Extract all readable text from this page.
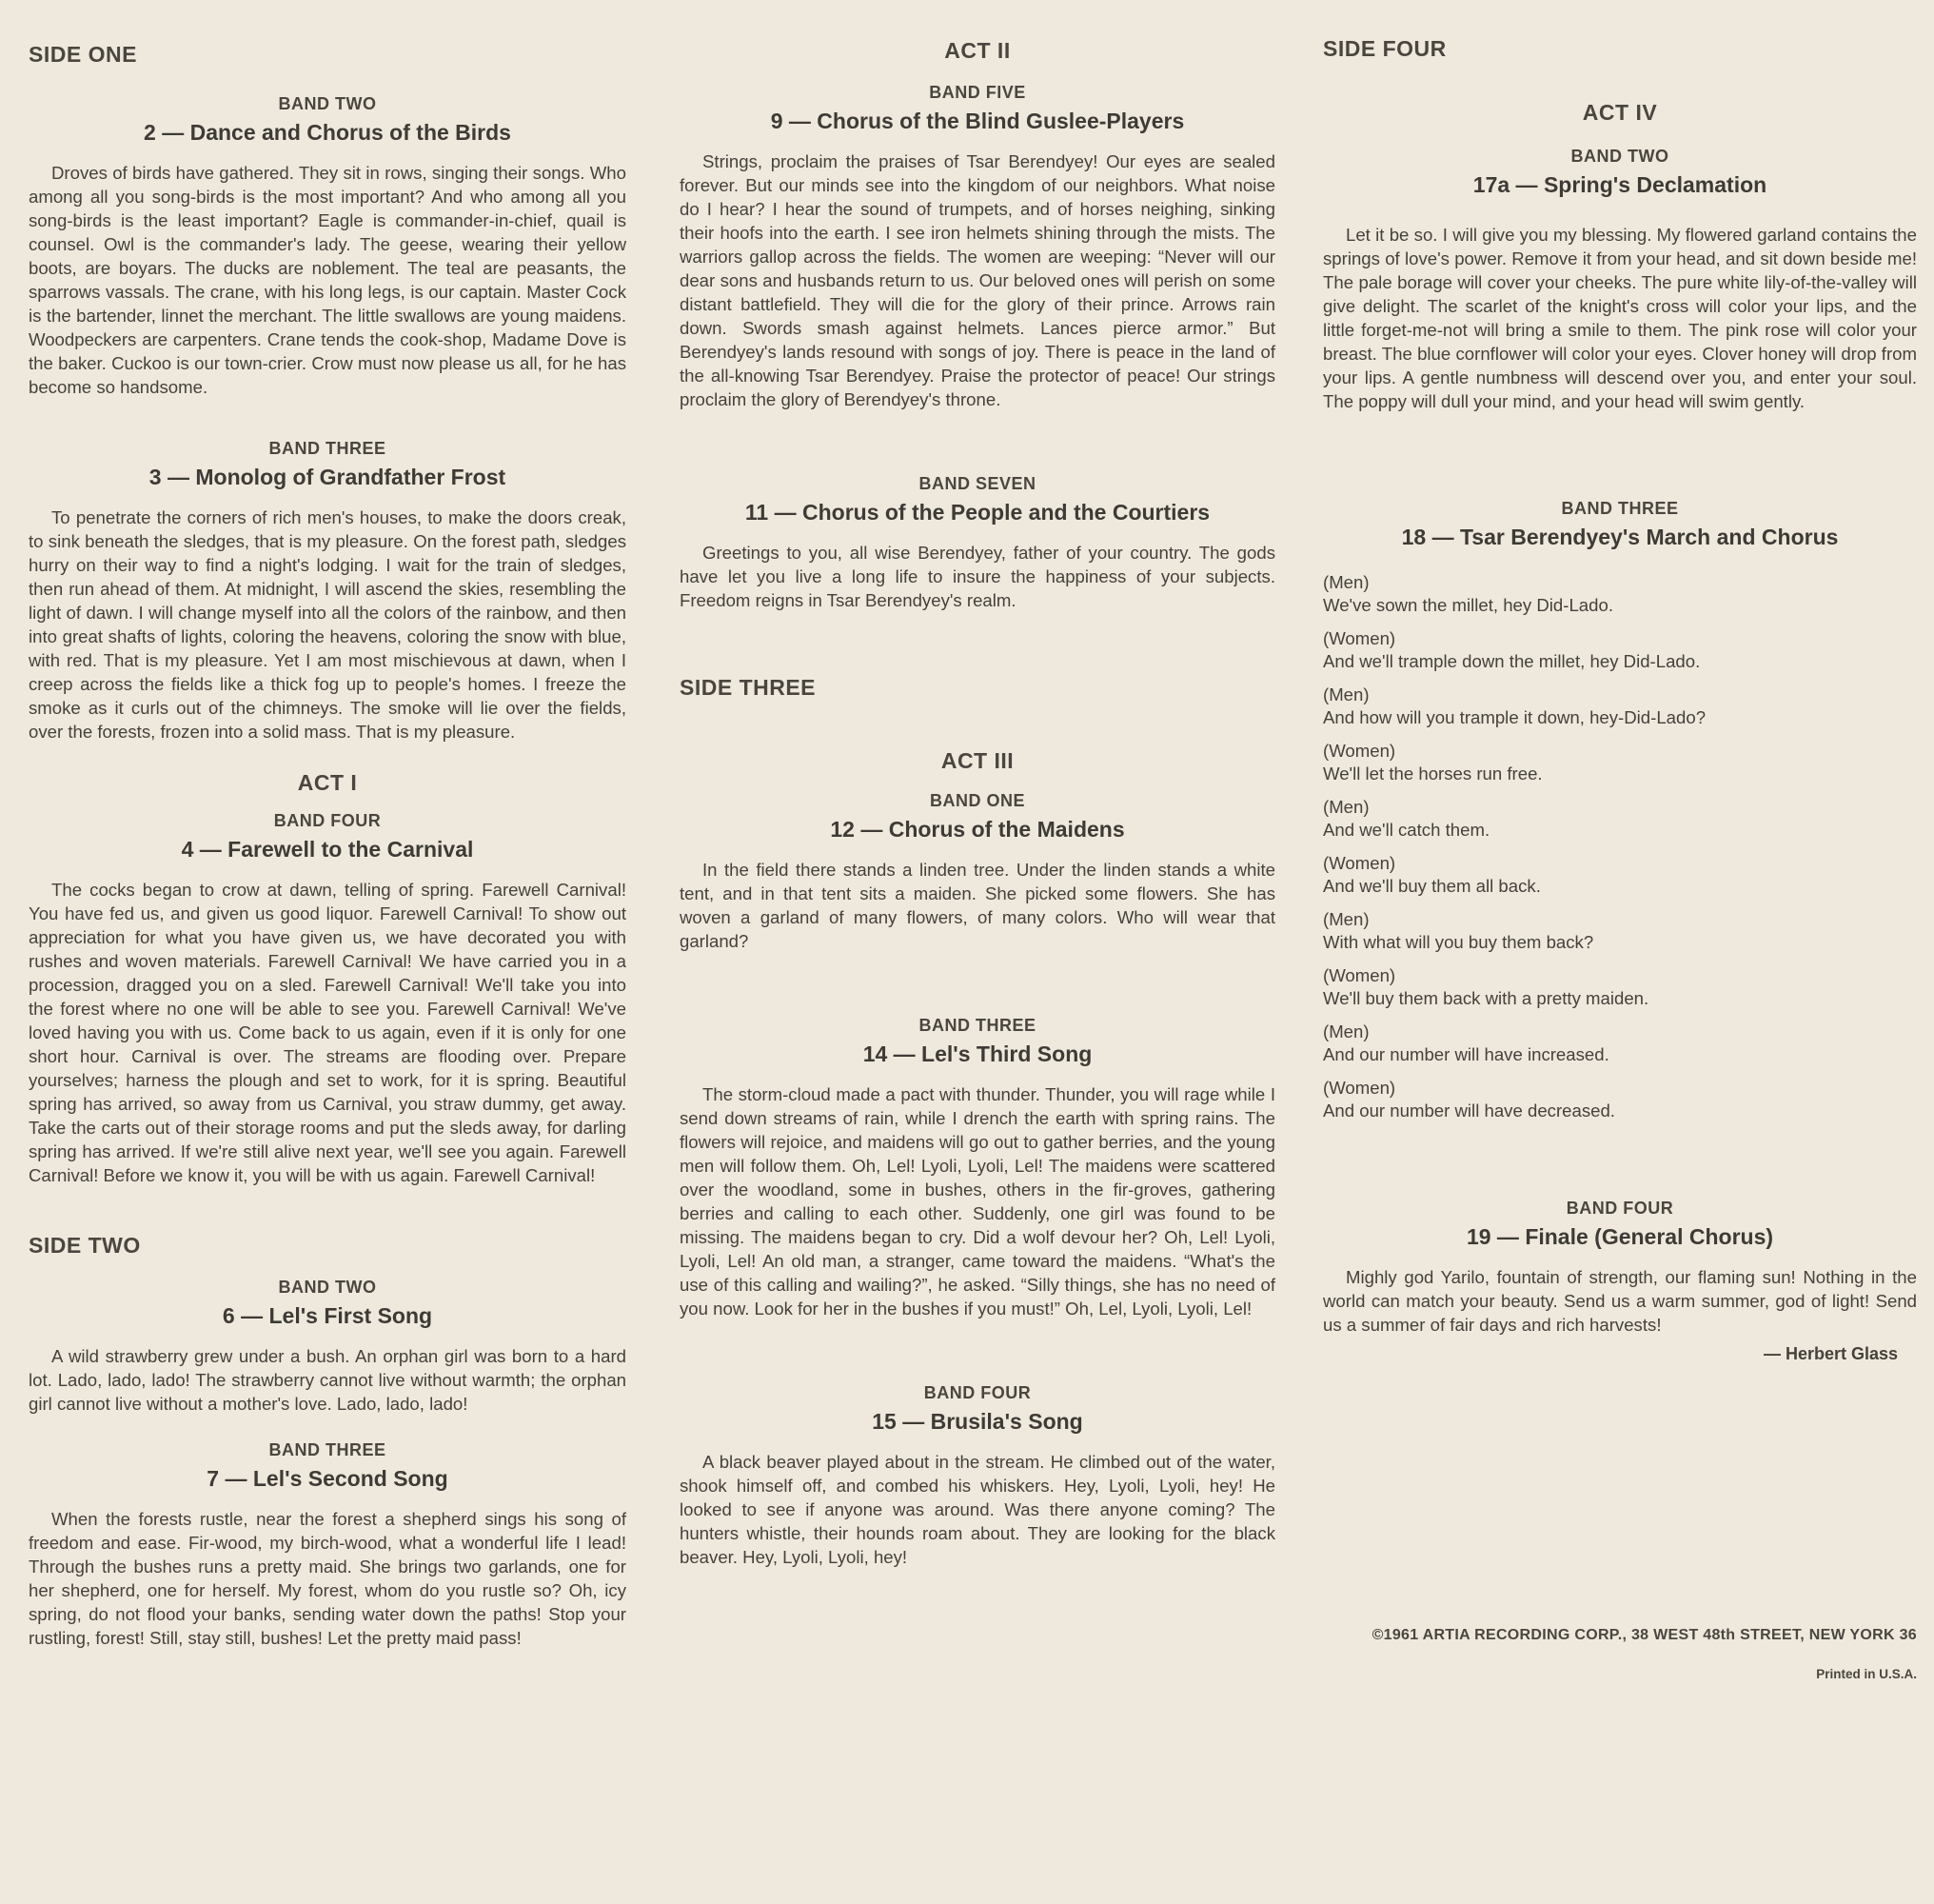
SIDE ONE
BAND TWO
2 — Dance and Chorus of the Birds

Droves of birds have gathered. They sit in rows, singing their songs. Who among all you song-birds is the most important? And who among all you song-birds is the least important? Eagle is commander-in-chief, quail is counsel. Owl is the commander's lady. The geese, wearing their yellow boots, are boyars. The ducks are noblement. The teal are peasants, the sparrows vassals. The crane, with his long legs, is our captain. Master Cock is the bartender, linnet the merchant. The little swallows are young maidens. Woodpeckers are carpenters. Crane tends the cook-shop, Madame Dove is the baker. Cuckoo is our town-crier. Crow must now please us all, for he has become so handsome.

BAND THREE
3 — Monolog of Grandfather Frost

To penetrate the corners of rich men's houses, to make the doors creak, to sink beneath the sledges, that is my pleasure. On the forest path, sledges hurry on their way to find a night's lodging. I wait for the train of sledges, then run ahead of them. At midnight, I will ascend the skies, resembling the light of dawn. I will change myself into all the colors of the rainbow, and then into great shafts of lights, coloring the heavens, coloring the snow with blue, with red. That is my pleasure. Yet I am most mischievous at dawn, when I creep across the fields like a thick fog up to people's homes. I freeze the smoke as it curls out of the chimneys. The smoke will lie over the fields, over the forests, frozen into a solid mass. That is my pleasure.

ACT I
BAND FOUR
4 — Farewell to the Carnival

The cocks began to crow at dawn, telling of spring. Farewell Carnival! You have fed us, and given us good liquor. Farewell Carnival! To show out appreciation for what you have given us, we have decorated you with rushes and woven materials. Farewell Carnival! We have carried you in a procession, dragged you on a sled. Farewell Carnival! We'll take you into the forest where no one will be able to see you. Farewell Carnival! We've loved having you with us. Come back to us again, even if it is only for one short hour. Carnival is over. The streams are flooding over. Prepare yourselves; harness the plough and set to work, for it is spring. Beautiful spring has arrived, so away from us Carnival, you straw dummy, get away. Take the carts out of their storage rooms and put the sleds away, for darling spring has arrived. If we're still alive next year, we'll see you again. Farewell Carnival! Before we know it, you will be with us again. Farewell Carnival!

SIDE TWO
BAND TWO
6 — Lel's First Song

A wild strawberry grew under a bush. An orphan girl was born to a hard lot. Lado, lado, lado! The strawberry cannot live without warmth; the orphan girl cannot live without a mother's love. Lado, lado, lado!

BAND THREE
7 — Lel's Second Song

When the forests rustle, near the forest a shepherd sings his song of freedom and ease. Fir-wood, my birch-wood, what a wonderful life I lead! Through the bushes runs a pretty maid. She brings two garlands, one for her shepherd, one for herself. My forest, whom do you rustle so? Oh, icy spring, do not flood your banks, sending water down the paths! Stop your rustling, forest! Still, stay still, bushes! Let the pretty maid pass!

ACT II
BAND FIVE
9 — Chorus of the Blind Guslee-Players

Strings, proclaim the praises of Tsar Berendyey! Our eyes are sealed forever. But our minds see into the kingdom of our neighbors. What noise do I hear? I hear the sound of trumpets, and of horses neighing, sinking their hoofs into the earth. I see iron helmets shining through the mists. The warriors gallop across the fields. The women are weeping: “Never will our dear sons and husbands return to us. Our beloved ones will perish on some distant battlefield. They will die for the glory of their prince. Arrows rain down. Swords smash against helmets. Lances pierce armor.” But Berendyey's lands resound with songs of joy. There is peace in the land of the all-knowing Tsar Berendyey. Praise the protector of peace! Our strings proclaim the glory of Berendyey's throne.

BAND SEVEN
11 — Chorus of the People and the Courtiers

Greetings to you, all wise Berendyey, father of your country. The gods have let you live a long life to insure the happiness of your subjects. Freedom reigns in Tsar Berendyey's realm.

SIDE THREE
ACT III
BAND ONE
12 — Chorus of the Maidens

In the field there stands a linden tree. Under the linden stands a white tent, and in that tent sits a maiden. She picked some flowers. She has woven a garland of many flowers, of many colors. Who will wear that garland?

BAND THREE
14 — Lel's Third Song

The storm-cloud made a pact with thunder. Thunder, you will rage while I send down streams of rain, while I drench the earth with spring rains. The flowers will rejoice, and maidens will go out to gather berries, and the young men will follow them. Oh, Lel! Lyoli, Lyoli, Lel! The maidens were scattered over the woodland, some in bushes, others in the fir-groves, gathering berries and calling to each other. Suddenly, one girl was found to be missing. The maidens began to cry. Did a wolf devour her? Oh, Lel! Lyoli, Lyoli, Lel! An old man, a stranger, came toward the maidens. “What's the use of this calling and wailing?”, he asked. “Silly things, she has no need of you now. Look for her in the bushes if you must!” Oh, Lel, Lyoli, Lyoli, Lel!

BAND FOUR
15 — Brusila's Song

A black beaver played about in the stream. He climbed out of the water, shook himself off, and combed his whiskers. Hey, Lyoli, Lyoli, hey! He looked to see if anyone was around. Was there anyone coming? The hunters whistle, their hounds roam about. They are looking for the black beaver. Hey, Lyoli, Lyoli, hey!

SIDE FOUR
ACT IV
BAND TWO
17a — Spring's Declamation

Let it be so. I will give you my blessing. My flowered garland contains the springs of love's power. Remove it from your head, and sit down beside me! The pale borage will cover your cheeks. The pure white lily-of-the-valley will give delight. The scarlet of the knight's cross will color your lips, and the little forget-me-not will bring a smile to them. The pink rose will color your breast. The blue cornflower will color your eyes. Clover honey will drop from your lips. A gentle numbness will descend over you, and enter your soul. The poppy will dull your mind, and your head will swim gently.

BAND THREE
18 — Tsar Berendyey's March and Chorus
(Men)
We've sown the millet, hey Did-Lado.
(Women)
And we'll trample down the millet, hey Did-Lado.
(Men)
And how will you trample it down, hey-Did-Lado?
(Women)
We'll let the horses run free.
(Men)
And we'll catch them.
(Women)
And we'll buy them all back.
(Men)
With what will you buy them back?
(Women)
We'll buy them back with a pretty maiden.
(Men)
And our number will have increased.
(Women)
And our number will have decreased.
BAND FOUR
19 — Finale (General Chorus)

Mighly god Yarilo, fountain of strength, our flaming sun! Nothing in the world can match your beauty. Send us a warm summer, god of light! Send us a summer of fair days and rich harvests!

— Herbert Glass

©1961 ARTIA RECORDING CORP., 38 WEST 48th STREET, NEW YORK 36

Printed in U.S.A.
